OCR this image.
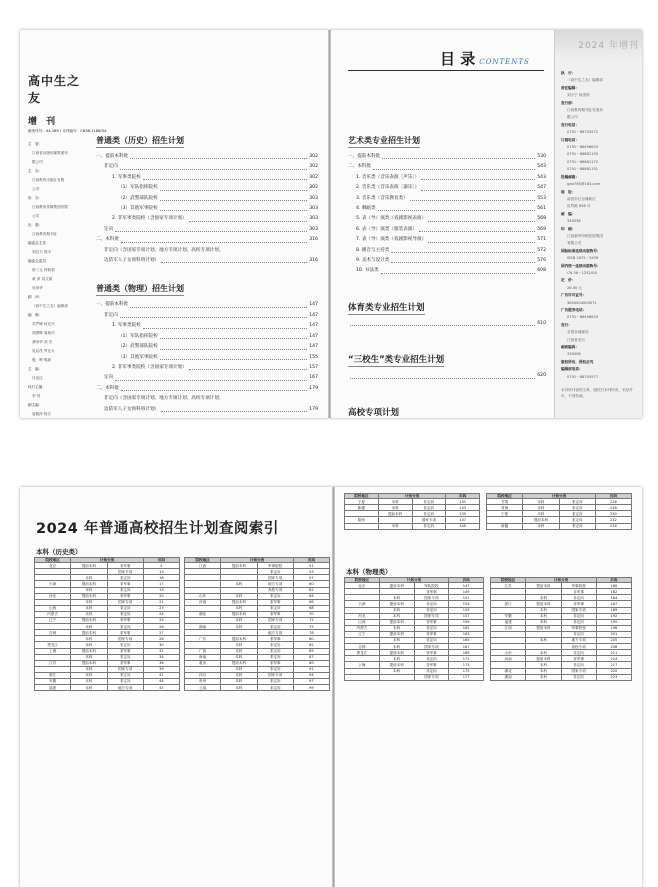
高中生之友
增 刊
邮发代号：44-189 / 本刊编号：CN36-1186/G4
主　管：
江西省出版传媒集团有
限公司
主　办：
江西教育出版社有限
公司
协　办：
江西教育传媒集团有限
公司
出　版：
江西教育期刊社
编委会主任：
刘自力 郭平
编委会委员：
廖三元 钟莉莉
黄 萍 刘文斌
吴荣华
顾　问：
《高中生之友》编辑部
编　辑：
邓严峰 何光兴
胡勇辉 周林庆
龚荣华 刘 芳
吴启茂 罗光永
殷　晖 熊新
主　编：
吕忠红
执行主编：
李 昊
副主编：
詹雅萍 杨芬
普通类（历史）招生计划
一、提前本科批	302
非定向	302
1. 军事类院校	302
（1）军队指挥院校	302
（2）武警部队院校	303
（3）其他军事院校	303
2. 非军事类院校（含国家专项计划）	303
定向	303
二、本科批	316
非定向（含国家专项计划、地方专项计划、高校专项计划、
边防军人子女预科班计划）	316
普通类（物理）招生计划
一、提前本科批	147
非定向	147
1. 军事类院校	147
（1）军队指挥院校	147
（2）武警部队院校	147
（3）其他军事院校	155
2. 非军事类院校（含国家专项计划）	157
定向	167
二、本科批	179
非定向（含国家专项计划、地方专项计划、高校专项计划、
边防军人子女预科班计划）	179
目 录 CONTENTS
艺术类专业招生计划
一、提前本科批	530
二、本科批	543
1. 音乐类（音乐表演［声乐］）	543
2. 音乐类（音乐表演［器乐］）	547
3. 音乐类（音乐教育类）	553
4. 舞蹈类	561
5. 表（导）演类（戏剧影视表演）	568
6. 表（导）演类（服装表演）	569
7. 表（导）演类（戏剧影视导演）	571
8. 播音与主持类	572
9. 美术与设计类	576
10. 书法类	608
体育类专业招生计划
610
“三校生”类专业招生计划
620
高校专项计划
2024 年增刊
执　行：
《高中生之友》编辑部
责任编辑：
刘小宁 杨美婷
发行部：
江西教育期刊社发展有
限公司
发行电话：
0791－86705572
订阅电话：
0791－86496629
0791－86861155
0791－86861172
0791－86861151
投稿邮箱：
gzsl765@163.com
地　址：
南昌市红谷滩新区
世贸路 898 号
邮　编：
330038
印　刷：
江西新华印刷发展集团
有限公司
国际标准连续出版物号：
ISSN 1672－5476
国内统一连续出版物号：
CN 36－1252/G4
定　价：
26.00 元
广告许可证号：
3600004000071
广告服务电话：
0791－86496629
发行：
全国各地邮局
江西省发行
邮政编码：
330006
版权所有，侵权必究
编辑部电话：
0791－86705577
本刊所刊登的文章，版权归本刊所有，未经许可，不得转载。
2024 年普通高校招生计划查阅索引
本科（历史类）
本科（物理类）
院校地区	计划分类		页码
北京	提前本科	非军事	5
		国家专项	13
	本科	非定向	16
天津	提前本科	非军事	17
	本科	非定向	19
河北	提前本科	非军事	20
	本科	国家专项	21
山西	本科	非定向	23
内蒙古	本科	非定向	24
辽宁	提前本科	非军事	25
	本科	非定向	26
吉林	提前本科	非军事	27
	本科	国家专项	28
黑龙江	本科	非定向	30
上海	提前本科	非军事	32
	本科	非定向	34
江苏	提前本科	非军事	36
	本科	国家专项	39
浙江	本科	非定向	41
安徽	本科	非定向	44
福建	本科	地方专项	47
院校地区	计划分类		页码
江西	提前本科	军事院校	51
		非定向	53
		国家专项	57
	本科	地方专项	60
		高校专项	62
山东	本科	非定向	64
河南	提前本科	非军事	66
	本科	非定向	68
湖北	提前本科	非军事	70
	本科	国家专项	72
湖南	本科	非定向	75
		地方专项	78
广东	提前本科	非军事	80
	本科	非定向	82
广西	本科	非定向	85
海南	本科	非定向	87
重庆	提前本科	非军事	89
	本科	非定向	91
四川	本科	国家专项	94
贵州	本科	非定向	97
云南	本科	非定向	99
院校地区	计划分类		页码
宁夏	本科	非定向	131
新疆	本科	非定向	133
	提前本科	非定向	135
陕西		国家专项	137
	本科	非定向	140
院校地区	计划分类		页码
甘肃	本科	非定向	226
青海	本科	非定向	228
宁夏	本科	非定向	230
	提前本科	非定向	232
新疆	本科	非定向	234
院校地区	计划分类		页码
北京	提前本科	军队院校	147
		非军事	149
	本科	国家专项	151
天津	提前本科	非定向	153
	本科	非定向	155
河北	本科	国家专项	157
山西	提前本科	非军事	159
内蒙古	本科	非定向	161
辽宁	提前本科	非军事	163
	本科	非定向	165
吉林	本科	国家专项	167
黑龙江	提前本科	非军事	169
	本科	非定向	171
上海	提前本科	非军事	173
	本科	非定向	175
		国家专项	177
院校地区	计划分类		页码
江苏	提前本科	军事院校	180
		非军事	182
	本科	非定向	184
浙江	提前本科	非军事	187
	本科	国家专项	189
安徽	本科	非定向	192
福建	本科	非定向	195
江西	提前本科	军事院校	198
		非定向	201
	本科	地方专项	205
		高校专项	208
山东	本科	非定向	211
河南	提前本科	非军事	214
	本科	非定向	217
湖北	本科	国家专项	220
湖南	本科	非定向	223
